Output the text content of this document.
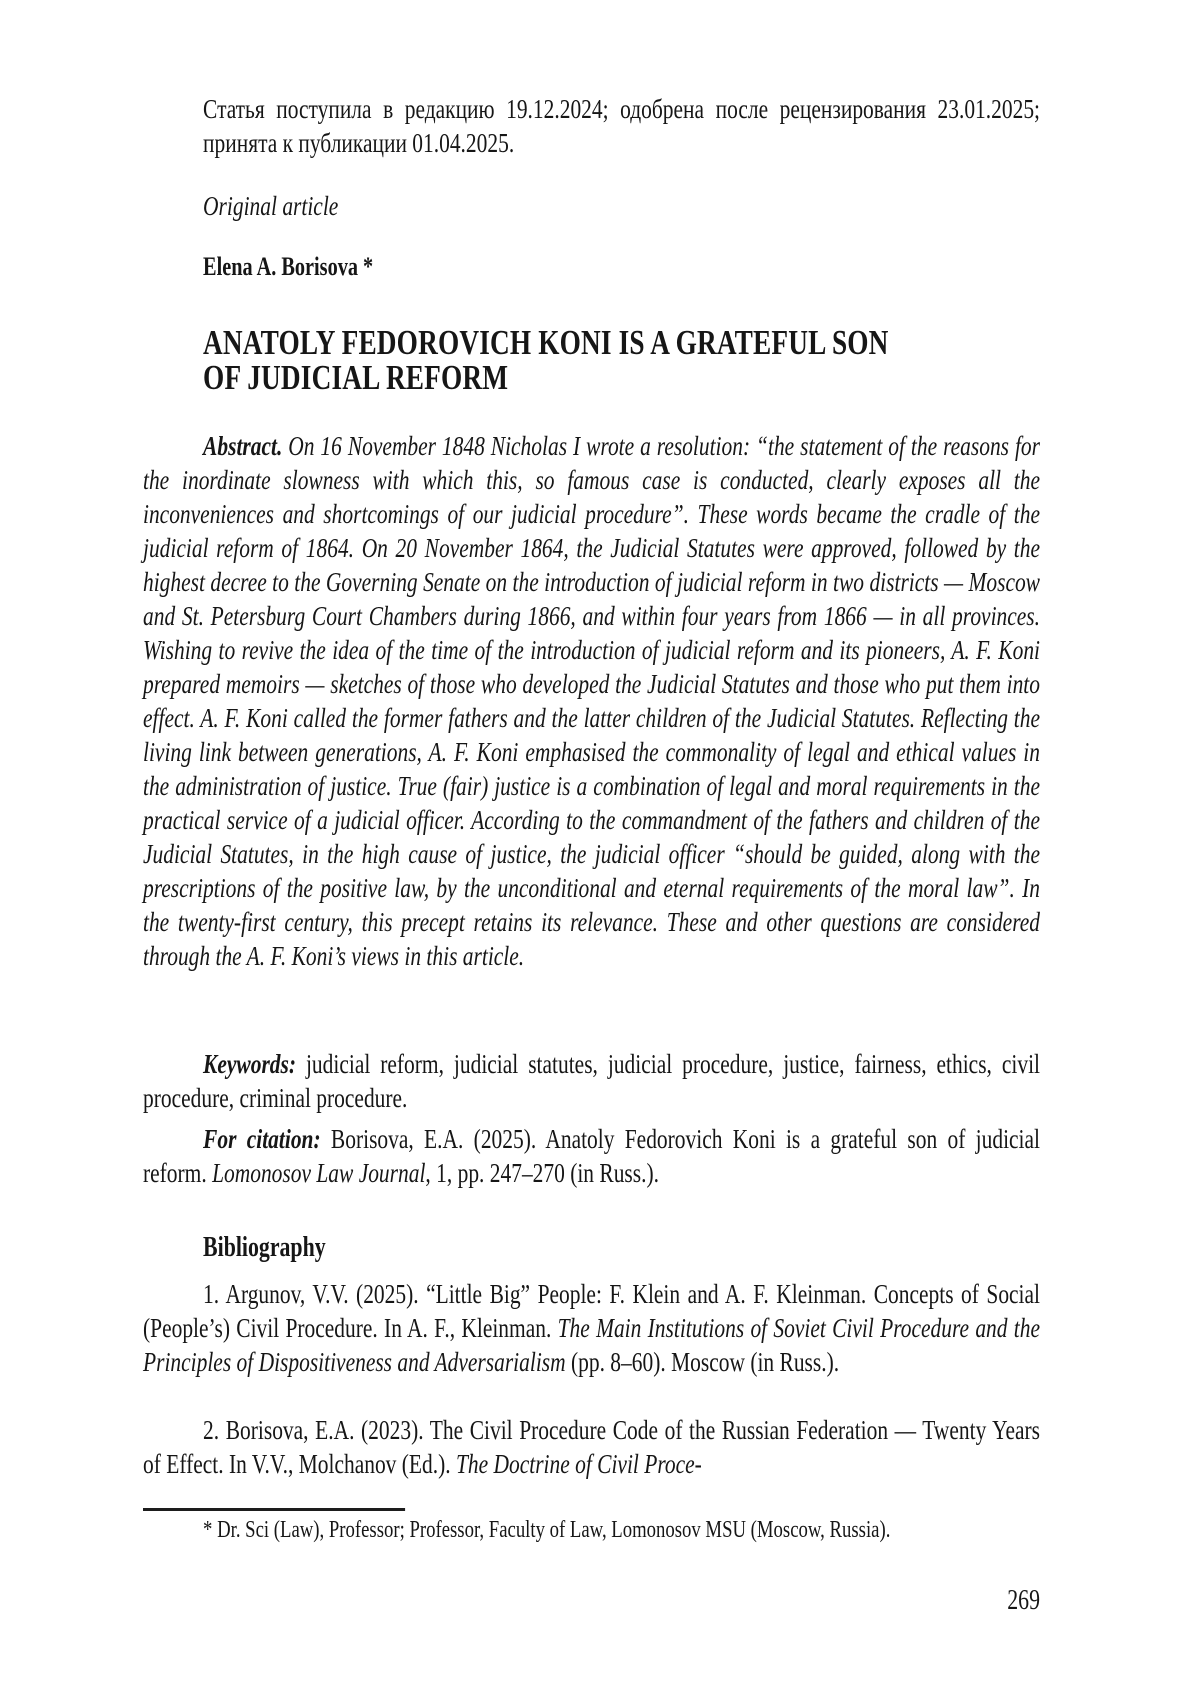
Статья поступила в редакцию 19.12.2024; одобрена после рецензирования 23.01.2025; принята к публикации 01.04.2025.

Original article

Elena A. Borisova *

ANATOLY FEDOROVICH KONI IS A GRATEFUL SON
OF JUDICIAL REFORM

Abstract. On 16 November 1848 Nicholas I wrote a resolution: “the statement of the reasons for the inordinate slowness with which this, so famous case is conducted, clearly exposes all the inconveniences and shortcomings of our judicial procedure”. These words became the cradle of the judicial reform of 1864. On 20 November 1864, the Judicial Statutes were approved, followed by the highest decree to the Governing Senate on the introduction of judicial reform in two districts — Moscow and St. Petersburg Court Chambers during 1866, and within four years from 1866 — in all provinces. Wishing to revive the idea of the time of the introduction of judicial reform and its pioneers, A. F. Koni prepared memoirs — sketches of those who developed the Judicial Statutes and those who put them into effect. A. F. Koni called the former fathers and the latter children of the Judicial Statutes. Reflecting the living link between generations, A. F. Koni emphasised the commonality of legal and ethical values in the administration of justice. True (fair) justice is a combination of legal and moral requirements in the practical service of a judicial officer. According to the commandment of the fathers and children of the Judicial Statutes, in the high cause of justice, the judicial officer “should be guided, along with the prescriptions of the positive law, by the unconditional and eternal requirements of the moral law”. In the twenty-first century, this precept retains its relevance. These and other questions are considered through the A. F. Koni’s views in this article.

Keywords: judicial reform, judicial statutes, judicial procedure, justice, fairness, ethics, civil procedure, criminal procedure.

For citation: Borisova, E.A. (2025). Anatoly Fedorovich Koni is a grateful son of judicial reform. Lomonosov Law Journal, 1, pp. 247–270 (in Russ.).

Bibliography

1. Argunov, V.V. (2025). “Little Big” People: F. Klein and A. F. Kleinman. Concepts of Social (People’s) Civil Procedure. In A. F., Kleinman. The Main Institutions of Soviet Civil Procedure and the Principles of Dispositiveness and Adversarialism (pp. 8–60). Moscow (in Russ.).

2. Borisova, E.A. (2023). The Civil Procedure Code of the Russian Federation — Twenty Years of Effect. In V.V., Molchanov (Ed.). The Doctrine of Civil Proce-

* Dr. Sci (Law), Professor; Professor, Faculty of Law, Lomonosov MSU (Moscow, Russia).

269
